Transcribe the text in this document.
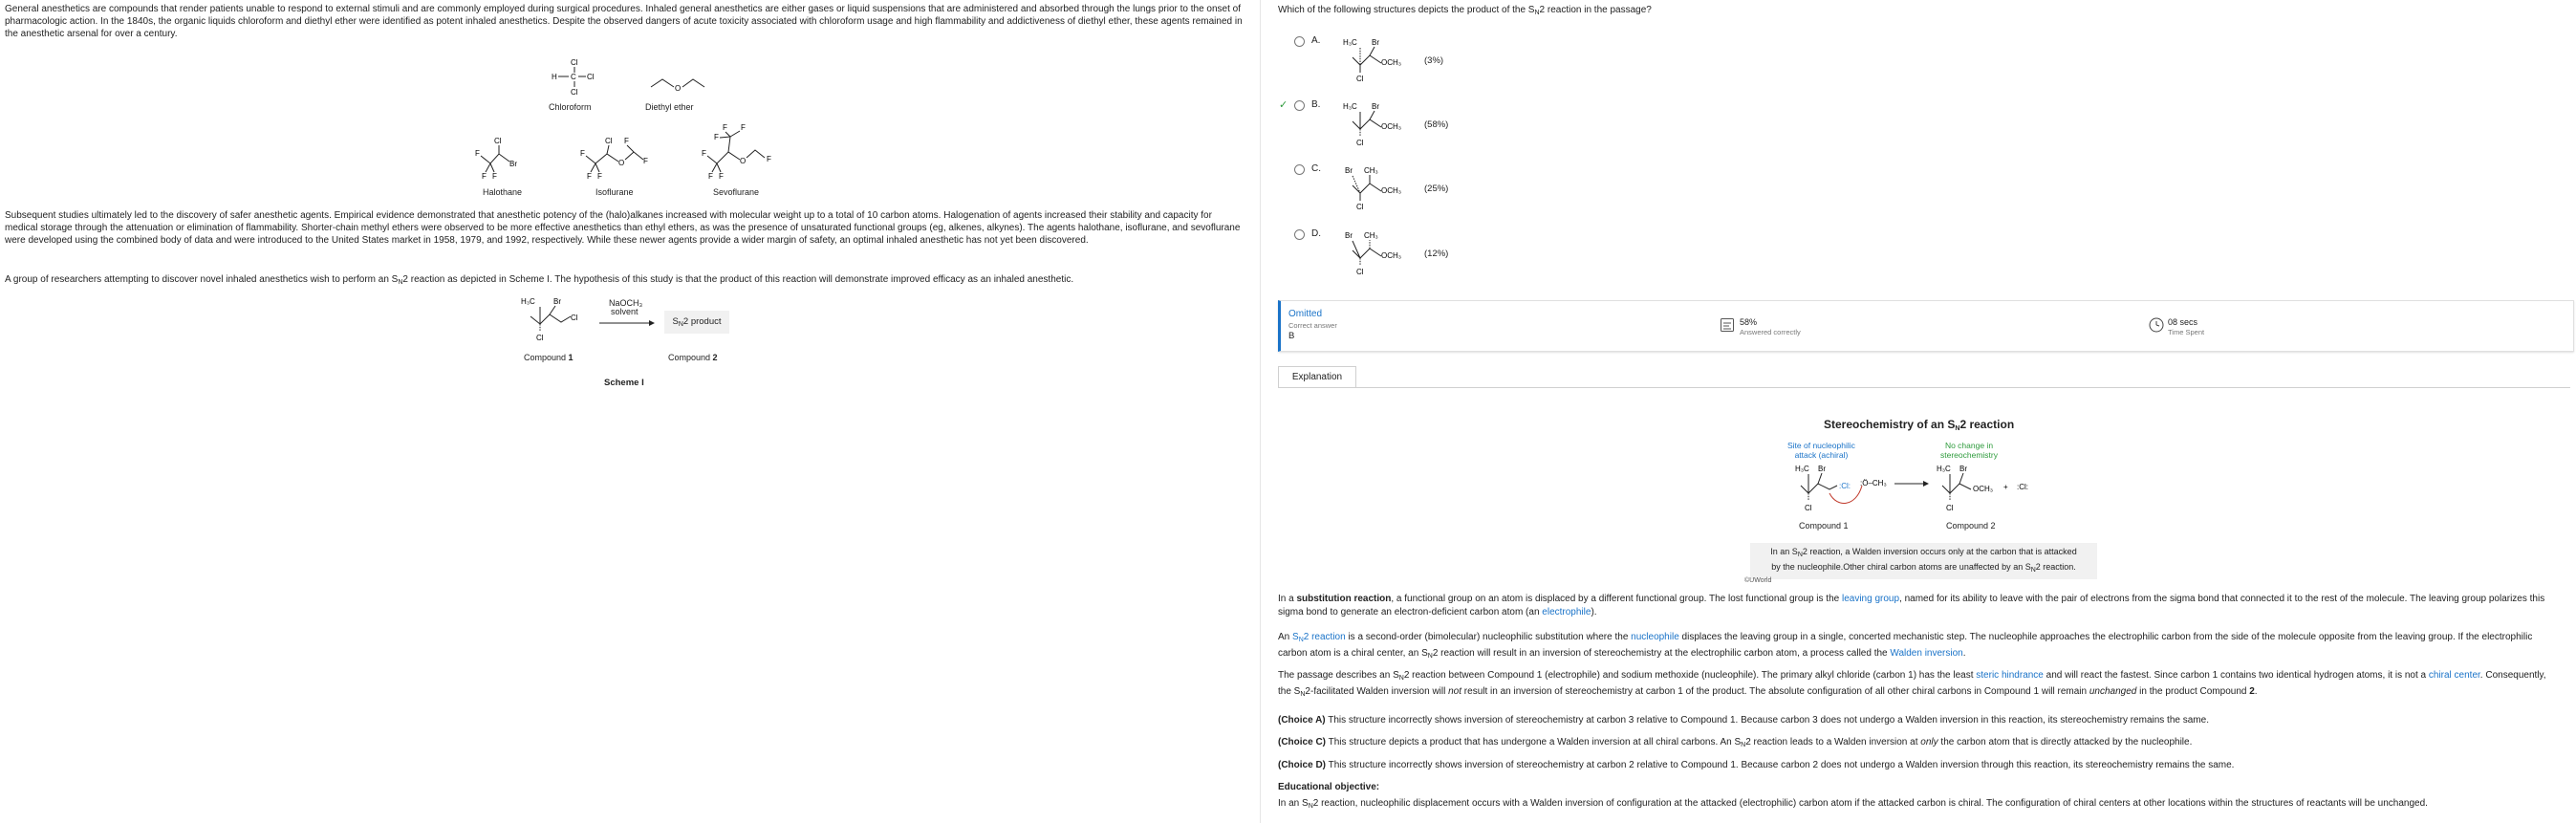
General anesthetics are compounds that render patients unable to respond to external stimuli and are commonly employed during surgical procedures. Inhaled general anesthetics are either gases or liquid suspensions that are administered and absorbed through the lungs prior to the onset of pharmacologic action. In the 1840s, the organic liquids chloroform and diethyl ether were identified as potent inhaled anesthetics. Despite the observed dangers of acute toxicity associated with chloroform usage and high flammability and addictiveness of diethyl ether, these agents remained in the anesthetic arsenal for over a century.

Cl
H C Cl
Cl
Chloroform
O
Diethyl ether
Cl
F
Br
F F
Halothane
Cl F
F
O F
F F
Isoflurane
F F
F
F
O	F
F F
Sevoflurane

Subsequent studies ultimately led to the discovery of safer anesthetic agents. Empirical evidence demonstrated that anesthetic potency of the (halo)alkanes increased with molecular weight up to a total of 10 carbon atoms. Halogenation of agents increased their stability and capacity for medical storage through the attenuation or elimination of flammability. Shorter-chain methyl ethers were observed to be more effective anesthetics than ethyl ethers, as was the presence of unsaturated functional groups (eg, alkenes, alkynes). The agents halothane, isoflurane, and sevoflurane were developed using the combined body of data and were introduced to the United States market in 1958, 1979, and 1992, respectively. While these newer agents provide a wider margin of safety, an optimal inhaled anesthetic has not yet been discovered.

A group of researchers attempting to discover novel inhaled anesthetics wish to perform an $S_N2$ reaction as depicted in Scheme I. The hypothesis of this study is that the product of this reaction will demonstrate improved efficacy as an inhaled anesthetic.

H₃C Br
Cl
Cl
NaOCH₃
solvent
$S_N2$ product
Compound 1	Compound 2
Scheme I

Which of the following structures depicts the product of the $S_N2$ reaction in the passage?

A.	H₃C Br
OCH₃
Cl
(3%)
✓ B.	H₃C Br
OCH₃
Cl
(58%)
C.	Br CH₃
OCH₃
Cl
(25%)
D.	Br CH₃
OCH₃
Cl
(12%)
Omitted
Correct answer
B
58%
Answered correctly
08 secs
Time Spent
Explanation
Stereochemistry of an $S_N2$ reaction
Site of nucleophilic
attack (achiral)
No change in
stereochemistry
H₃C Br
:Cl:
Cl
:Ö–CH₃
H₃C Br
OCH₃
Cl
+ :Cl:
Compound 1	Compound 2
In an $S_N2$ reaction, a Walden inversion occurs only at the carbon that is attacked
by the nucleophile.Other chiral carbon atoms are unaffected by an $S_N2$ reaction.
©UWorld

In a substitution reaction, a functional group on an atom is displaced by a different functional group. The lost functional group is the leaving group, named for its ability to leave with the pair of electrons from the sigma bond that connected it to the rest of the molecule. The leaving group polarizes this sigma bond to generate an electron-deficient carbon atom (an electrophile).

An $S_N2$ reaction is a second-order (bimolecular) nucleophilic substitution where the nucleophile displaces the leaving group in a single, concerted mechanistic step. The nucleophile approaches the electrophilic carbon from the side of the molecule opposite from the leaving group. If the electrophilic carbon atom is a chiral center, an $S_N2$ reaction will result in an inversion of stereochemistry at the electrophilic carbon atom, a process called the Walden inversion.

The passage describes an $S_N2$ reaction between Compound 1 (electrophile) and sodium methoxide (nucleophile). The primary alkyl chloride (carbon 1) has the least steric hindrance and will react the fastest. Since carbon 1 contains two identical hydrogen atoms, it is not a chiral center. Consequently, the $S_N2$-facilitated Walden inversion will not result in an inversion of stereochemistry at carbon 1 of the product. The absolute configuration of all other chiral carbons in Compound 1 will remain unchanged in the product Compound 2.

(Choice A) This structure incorrectly shows inversion of stereochemistry at carbon 3 relative to Compound 1. Because carbon 3 does not undergo a Walden inversion in this reaction, its stereochemistry remains the same.

(Choice C) This structure depicts a product that has undergone a Walden inversion at all chiral carbons. An $S_N2$ reaction leads to a Walden inversion at only the carbon atom that is directly attacked by the nucleophile.

(Choice D) This structure incorrectly shows inversion of stereochemistry at carbon 2 relative to Compound 1. Because carbon 2 does not undergo a Walden inversion through this reaction, its stereochemistry remains the same.

Educational objective:

In an $S_N2$ reaction, nucleophilic displacement occurs with a Walden inversion of configuration at the attacked (electrophilic) carbon atom if the attacked carbon is chiral. The configuration of chiral centers at other locations within the structures of reactants will be unchanged.
